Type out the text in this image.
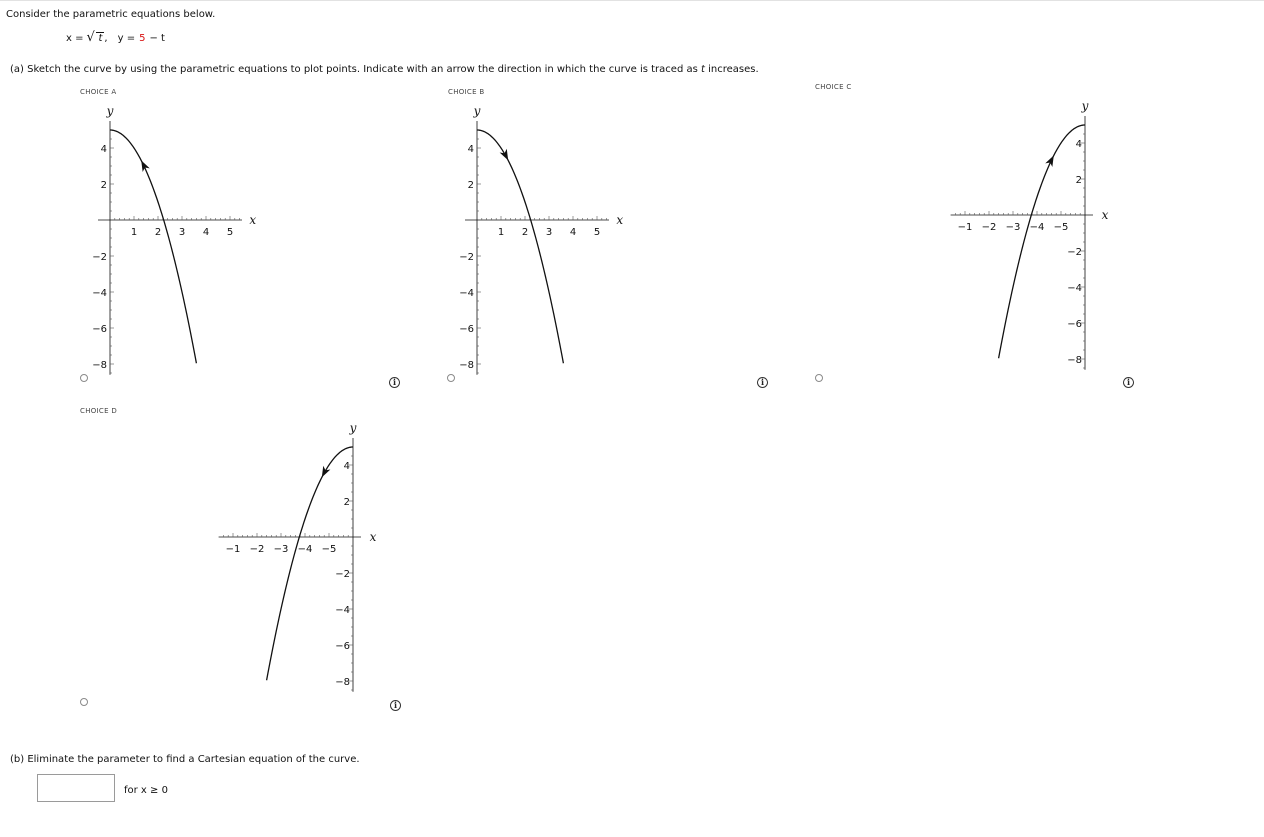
Consider the parametric equations below.
x = √ t , y = 5 − t
(a) Sketch the curve by using the parametric equations to plot points. Indicate with an arrow the direction in which the curve is traced as t increases.
CHOICE A
1 2 3 4 5
4
2
−2
−4
−6
−8
x
y
i
CHOICE B
1 2 3 4 5
4
2
−2
−4
−6
−8
x
y
i
CHOICE C
−5
−4
−3
−2
−1
4
2
−2
−4
−6
−8
x
y
i
CHOICE D
−5
−4
−3
−2
−1
4
2
−2
−4
−6
−8
x
y
i
(b) Eliminate the parameter to find a Cartesian equation of the curve.
for x ≥ 0
